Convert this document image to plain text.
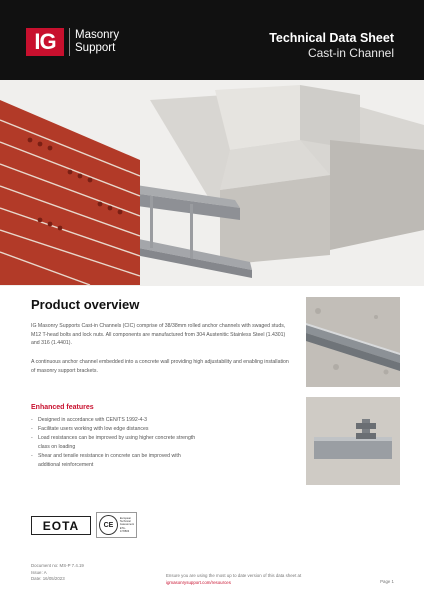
IG	Masonry
Support
Technical Data Sheet
Cast-in Channel
Product overview
IG Masonry Supports Cast-in Channels (CIC) comprise of 38/38mm rolled anchor channels with swaged studs, M12 T-head bolts and lock nuts. All components are manufactured from 304 Austenitic Stainless Steel (1.4301) and 316 (1.4401).
A continuous anchor channel embedded into a concrete wall providing high adjustability and enabling installation of masonry support brackets.
Enhanced features
- Designed in accordance with CEN/TS 1992-4-3
- Facilitate users working with low edge distances
- Load resistances can be improved by using higher concrete strength
class on loading
- Shear and tensile resistance in concrete can be improved with
additional reinforcement
EOTA	CE
European
Technical
Assessment
ETA-17/0803
Document no: MS-P 7.4.19
Issue: A
Date: 16/05/2023
Ensure you are using the most up to date version of this data sheet at
igmasonrysupport.com/resources	Page 1
